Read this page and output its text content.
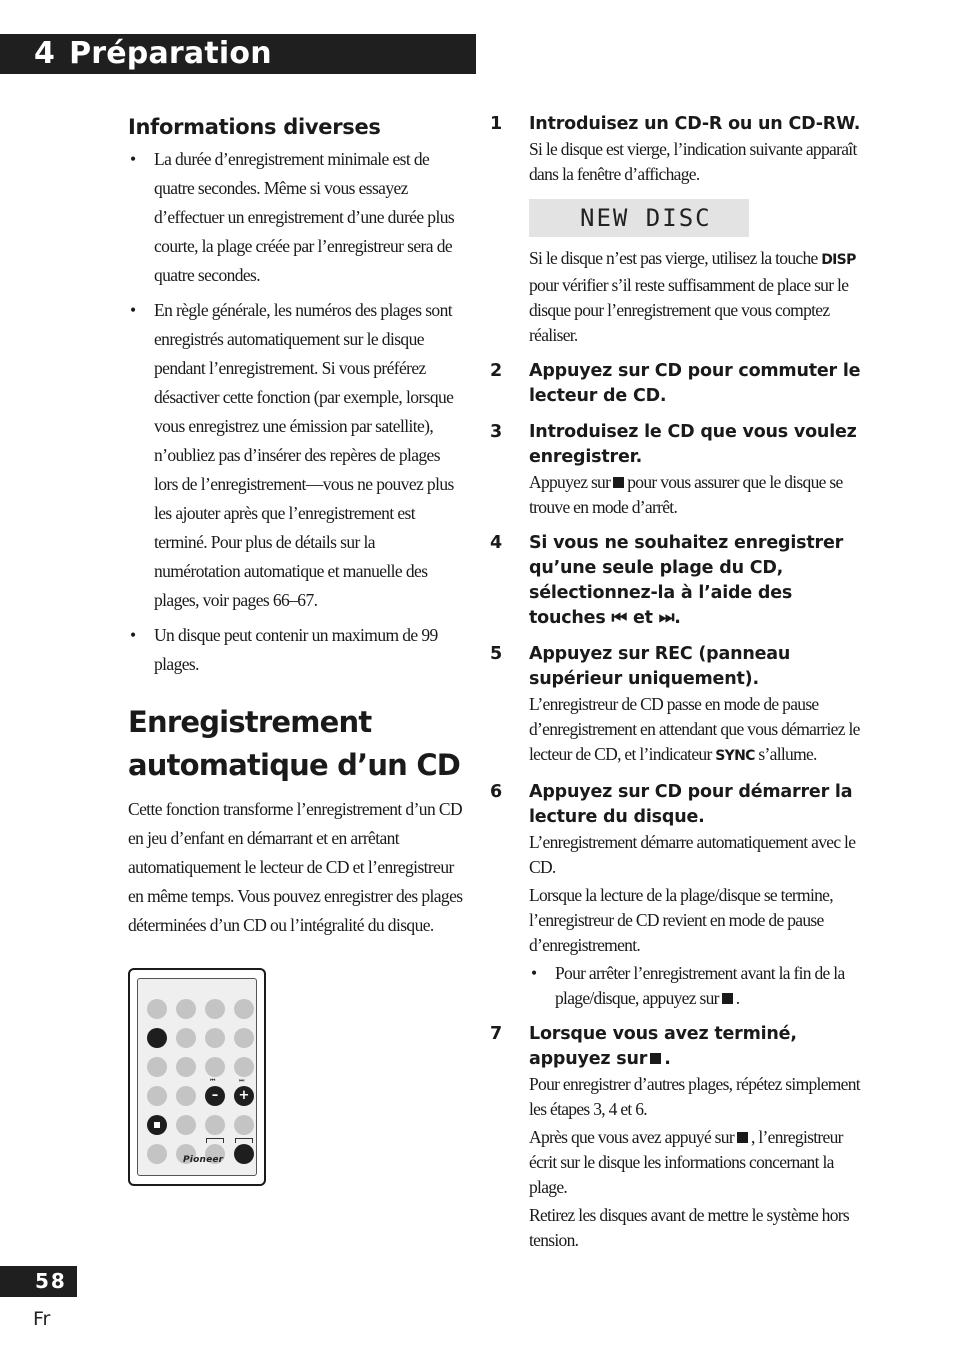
4 Préparation
Informations diverses
• La durée d’enregistrement minimale est de quatre secondes. Même si vous essayez d’effectuer un enregistrement d’une durée plus courte, la plage créée par l’enregistreur sera de quatre secondes.
• En règle générale, les numéros des plages sont enregistrés automatiquement sur le disque pendant l’enregistrement. Si vous préférez désactiver cette fonction (par exemple, lorsque vous enregistrez une émission par satellite), n’oubliez pas d’insérer des repères de plages lors de l’enregistrement—vous ne pouvez plus les ajouter après que l’enregistrement est terminé. Pour plus de détails sur la numérotation automatique et manuelle des plages, voir pages 66–67.
• Un disque peut contenir un maximum de 99 plages.
Enregistrement
automatique d’un CD
Cette fonction transforme l’enregistrement d’un CD en jeu d’enfant en démarrant et en arrêtant automatiquement le lecteur de CD et l’enregistreur en même temps. Vous pouvez enregistrer des plages déterminées d’un CD ou l’intégralité du disque.
⏮
–
⏭
+
Pioneer
1 Introduisez un CD-R ou un CD-RW.
Si le disque est vierge, l’indication suivante apparaît dans la fenêtre d’affichage.
NEW DISC
Si le disque n’est pas vierge, utilisez la touche DISP pour vérifier s’il reste suffisamment de place sur le disque pour l’enregistrement que vous comptez réaliser.
2 Appuyez sur CD pour commuter le lecteur de CD.
3 Introduisez le CD que vous voulez enregistrer.
Appuyez sur pour vous assurer que le disque se trouve en mode d’arrêt.
4 Si vous ne souhaitez enregistrer qu’une seule plage du CD, sélectionnez-la à l’aide des touches ⏮ et ⏭.
5 Appuyez sur REC (panneau supérieur uniquement).
L’enregistreur de CD passe en mode de pause d’enregistrement en attendant que vous démarriez le lecteur de CD, et l’indicateur SYNC s’allume.
6 Appuyez sur CD pour démarrer la lecture du disque.
L’enregistrement démarre automatiquement avec le CD.
Lorsque la lecture de la plage/disque se termine, l’enregistreur de CD revient en mode de pause d’enregistrement.
• Pour arrêter l’enregistrement avant la fin de la plage/disque, appuyez sur .
7 Lorsque vous avez terminé, appuyez sur .
Pour enregistrer d’autres plages, répétez simplement les étapes 3, 4 et 6.
Après que vous avez appuyé sur , l’enregistreur écrit sur le disque les informations concernant la plage.
Retirez les disques avant de mettre le système hors tension.
58
Fr
